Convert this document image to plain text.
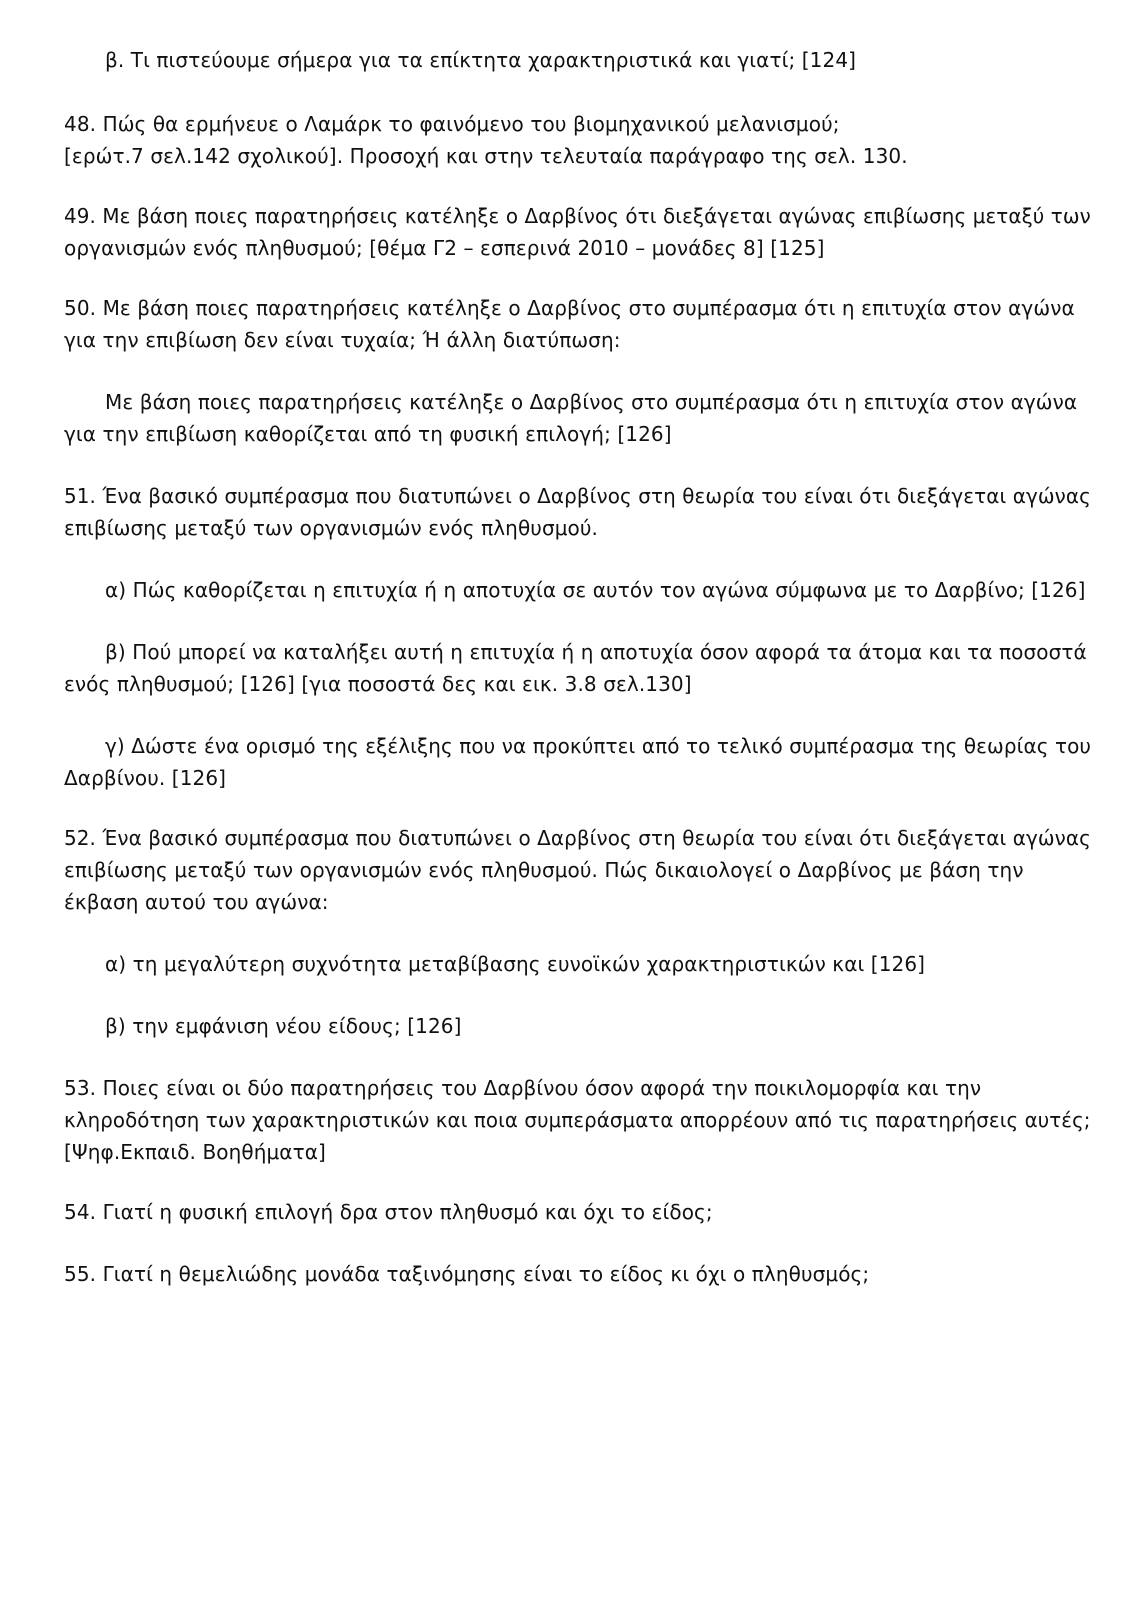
β. Τι πιστεύουμε σήμερα για τα επίκτητα χαρακτηριστικά και γιατί; [124]
48. Πώς θα ερμήνευε ο Λαμάρκ το φαινόμενο του βιομηχανικού μελανισμού;
[ερώτ.7 σελ.142 σχολικού]. Προσοχή και στην τελευταία παράγραφο της σελ. 130.
49. Με βάση ποιες παρατηρήσεις κατέληξε ο Δαρβίνος ότι διεξάγεται αγώνας επιβίωσης μεταξύ των
οργανισμών ενός πληθυσμού; [θέμα Γ2 – εσπερινά 2010 – μονάδες 8] [125]
50. Με βάση ποιες παρατηρήσεις κατέληξε ο Δαρβίνος στο συμπέρασμα ότι η επιτυχία στον αγώνα
για την επιβίωση δεν είναι τυχαία; Ή άλλη διατύπωση:
Με βάση ποιες παρατηρήσεις κατέληξε ο Δαρβίνος στο συμπέρασμα ότι η επιτυχία στον αγώνα
για την επιβίωση καθορίζεται από τη φυσική επιλογή; [126]
51. Ένα βασικό συμπέρασμα που διατυπώνει ο Δαρβίνος στη θεωρία του είναι ότι διεξάγεται αγώνας
επιβίωσης μεταξύ των οργανισμών ενός πληθυσμού.
α) Πώς καθορίζεται η επιτυχία ή η αποτυχία σε αυτόν τον αγώνα σύμφωνα με το Δαρβίνο; [126]
β) Πού μπορεί να καταλήξει αυτή η επιτυχία ή η αποτυχία όσον αφορά τα άτομα και τα ποσοστά
ενός πληθυσμού; [126] [για ποσοστά δες και εικ. 3.8 σελ.130]
γ) Δώστε ένα ορισμό της εξέλιξης που να προκύπτει από το τελικό συμπέρασμα της θεωρίας του
Δαρβίνου. [126]
52. Ένα βασικό συμπέρασμα που διατυπώνει ο Δαρβίνος στη θεωρία του είναι ότι διεξάγεται αγώνας
επιβίωσης μεταξύ των οργανισμών ενός πληθυσμού. Πώς δικαιολογεί ο Δαρβίνος με βάση την
έκβαση αυτού του αγώνα:
α) τη μεγαλύτερη συχνότητα μεταβίβασης ευνοϊκών χαρακτηριστικών και [126]
β) την εμφάνιση νέου είδους; [126]
53. Ποιες είναι οι δύο παρατηρήσεις του Δαρβίνου όσον αφορά την ποικιλομορφία και την
κληροδότηση των χαρακτηριστικών και ποια συμπεράσματα απορρέουν από τις παρατηρήσεις αυτές;
[Ψηφ.Εκπαιδ. Βοηθήματα]
54. Γιατί η φυσική επιλογή δρα στον πληθυσμό και όχι το είδος;
55. Γιατί η θεμελιώδης μονάδα ταξινόμησης είναι το είδος κι όχι ο πληθυσμός;
